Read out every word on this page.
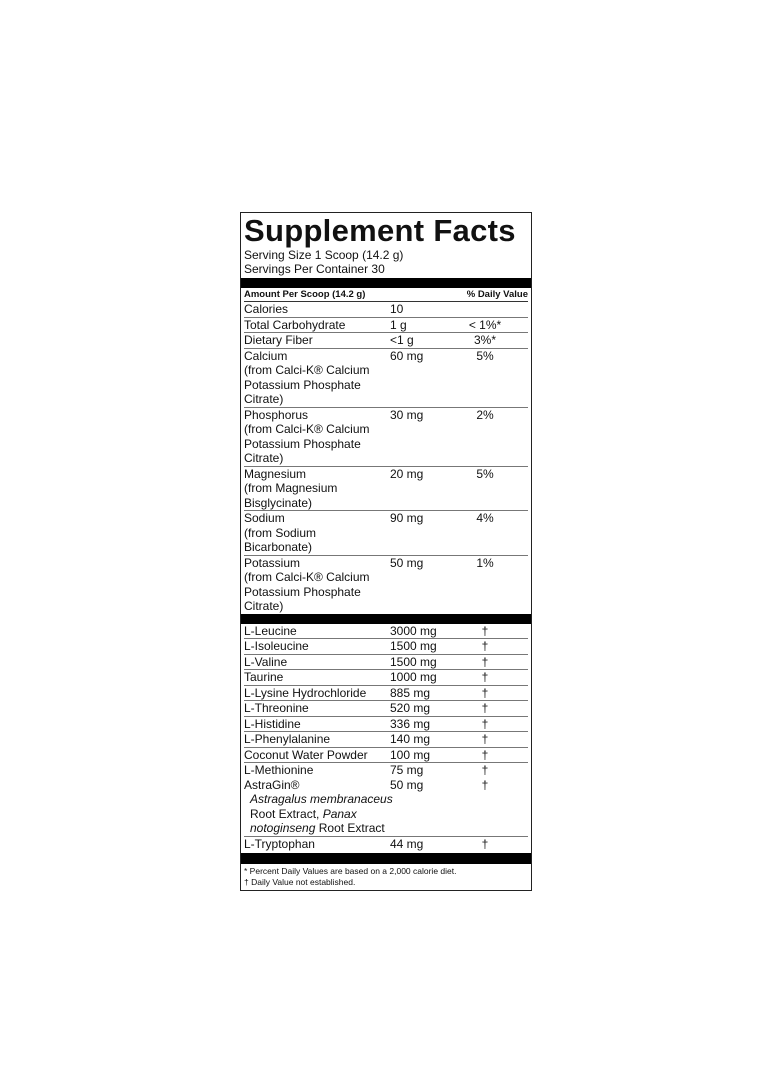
Supplement Facts
Serving Size 1 Scoop (14.2 g)
Servings Per Container 30
Amount Per Scoop (14.2 g)	% Daily Value
Calories	10
Total Carbohydrate	1 g	< 1%*
Dietary Fiber	<1 g	3%*
Calcium
(from Calci-K® Calcium
Potassium Phosphate
Citrate)
60 mg	5%
Phosphorus
(from Calci-K® Calcium
Potassium Phosphate
Citrate)
30 mg	2%
Magnesium
(from Magnesium
Bisglycinate)
20 mg	5%
Sodium
(from Sodium Bicarbonate)
90 mg	4%
Potassium
(from Calci-K® Calcium
Potassium Phosphate
Citrate)
50 mg	1%
L-Leucine	3000 mg	†
L-Isoleucine	1500 mg	†
L-Valine	1500 mg	†
Taurine	1000 mg	†
L-Lysine Hydrochloride	885 mg	†
L-Threonine	520 mg	†
L-Histidine	336 mg	†
L-Phenylalanine	140 mg	†
Coconut Water Powder	100 mg	†
L-Methionine	75 mg	†
AstraGin®	50 mg	†
Astragalus membranaceus
Root Extract, Panax
notoginseng Root Extract
L-Tryptophan	44 mg	†
* Percent Daily Values are based on a 2,000 calorie diet.
† Daily Value not established.
